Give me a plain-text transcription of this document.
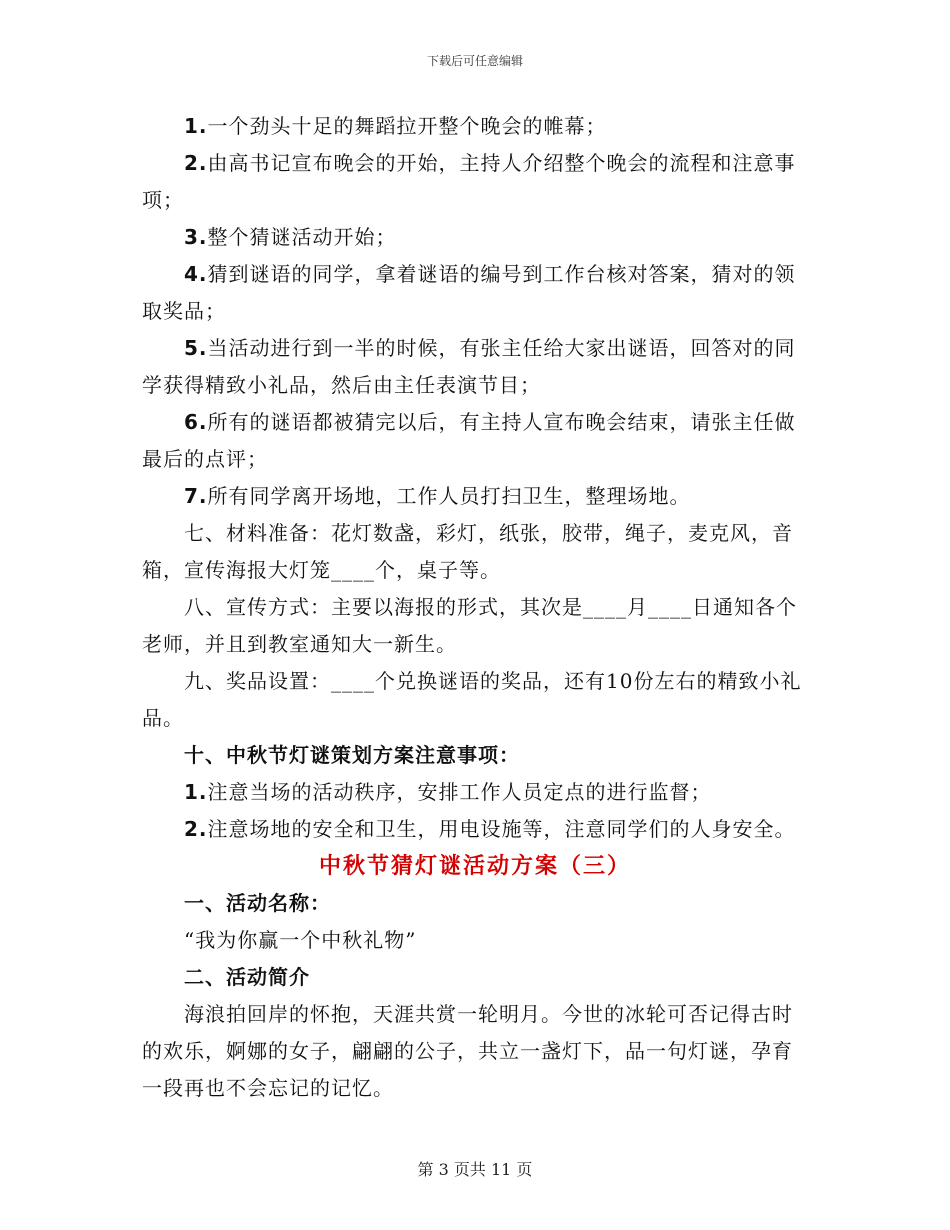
下载后可任意编辑

1.一个劲头十足的舞蹈拉开整个晚会的帷幕；

2.由高书记宣布晚会的开始，主持人介绍整个晚会的流程和注意事项；

3.整个猜谜活动开始；

4.猜到谜语的同学，拿着谜语的编号到工作台核对答案，猜对的领取奖品；

5.当活动进行到一半的时候，有张主任给大家出谜语，回答对的同学获得精致小礼品，然后由主任表演节目；

6.所有的谜语都被猜完以后，有主持人宣布晚会结束，请张主任做最后的点评；

7.所有同学离开场地，工作人员打扫卫生，整理场地。

七、材料准备：花灯数盏，彩灯，纸张，胶带，绳子，麦克风，音箱，宣传海报大灯笼____个，桌子等。

八、宣传方式：主要以海报的形式，其次是____月____日通知各个老师，并且到教室通知大一新生。

九、奖品设置：____个兑换谜语的奖品，还有10份左右的精致小礼品。

十、中秋节灯谜策划方案注意事项：

1.注意当场的活动秩序，安排工作人员定点的进行监督；

2.注意场地的安全和卫生，用电设施等，注意同学们的人身安全。

中秋节猜灯谜活动方案（三）

一、活动名称：

“我为你赢一个中秋礼物”

二、活动简介

海浪拍回岸的怀抱，天涯共赏一轮明月。今世的冰轮可否记得古时的欢乐，婀娜的女子，翩翩的公子，共立一盏灯下，品一句灯谜，孕育一段再也不会忘记的记忆。

第 3 页共 11 页
